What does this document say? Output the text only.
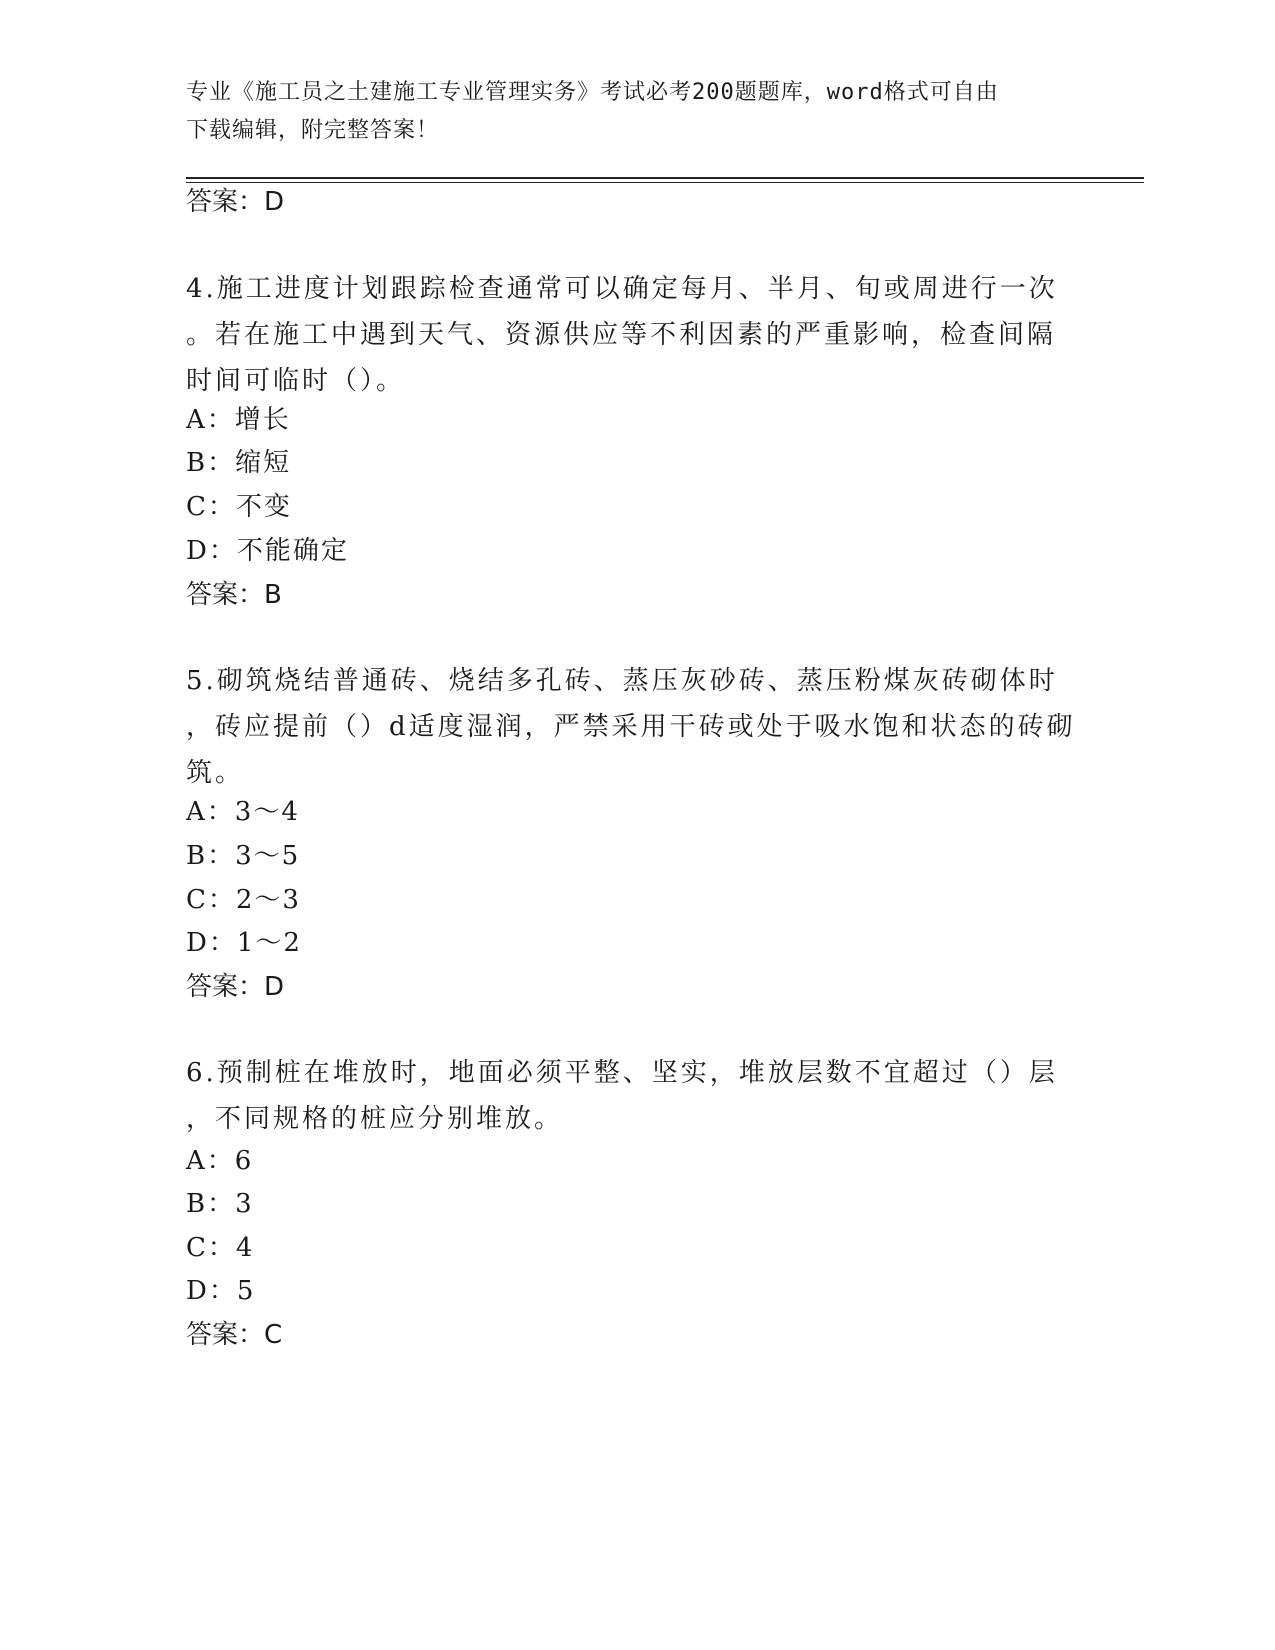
专业《施工员之土建施工专业管理实务》考试必考200题题库，word格式可自由
下载编辑，附完整答案！
答案：D
4.施工进度计划跟踪检查通常可以确定每月、半月、旬或周进行一次
。若在施工中遇到天气、资源供应等不利因素的严重影响，检查间隔
时间可临时（）。
A：增长
B：缩短
C：不变
D：不能确定
答案：B
5.砌筑烧结普通砖、烧结多孔砖、蒸压灰砂砖、蒸压粉煤灰砖砌体时
，砖应提前（）d适度湿润，严禁采用干砖或处于吸水饱和状态的砖砌
筑。
A：3～4
B：3～5
C：2～3
D：1～2
答案：D
6.预制桩在堆放时，地面必须平整、坚实，堆放层数不宜超过（）层
，不同规格的桩应分别堆放。
A：6
B：3
C：4
D：5
答案：C
